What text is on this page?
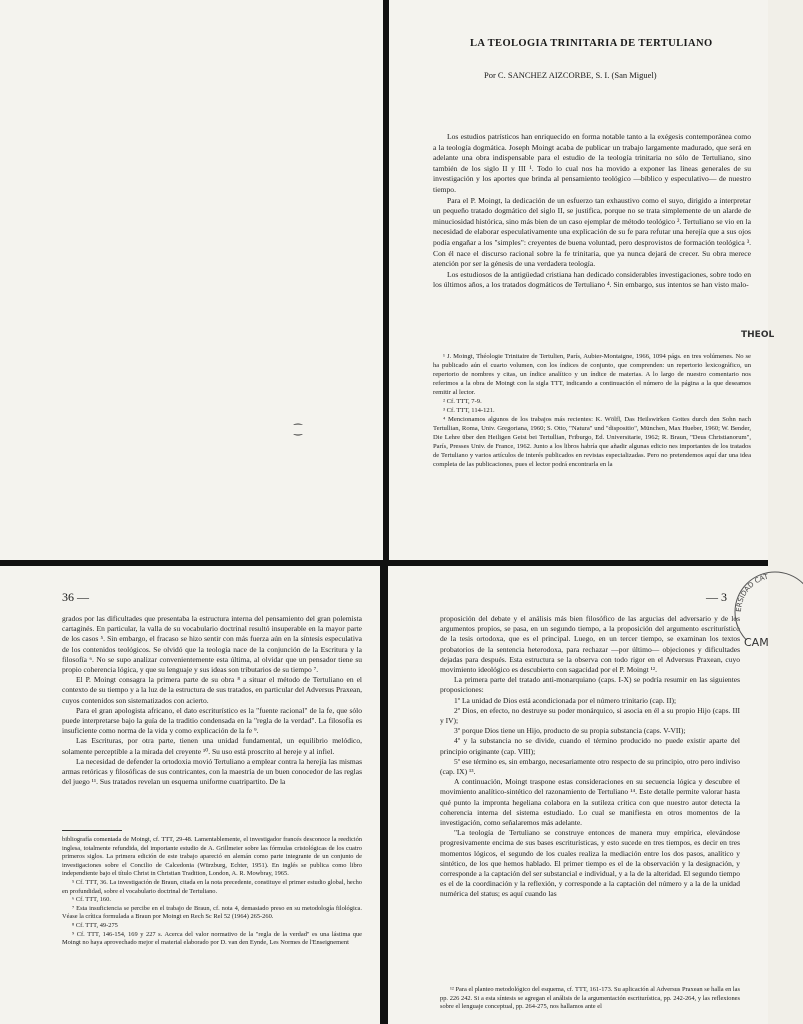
⁐
LA TEOLOGIA TRINITARIA DE TERTULIANO
Por C. SANCHEZ AIZCORBE, S. I. (San Miguel)

Los estudios patrísticos han enriquecido en forma notable tanto a la exégesis contemporánea como a la teología dogmática. Joseph Moingt acaba de publicar un trabajo largamente madurado, que será en adelante una obra indispensable para el estudio de la teología trinitaria no sólo de Tertuliano, sino también de los siglo II y III ¹. Todo lo cual nos ha movido a exponer las líneas generales de su investigación y los aportes que brinda al pensamiento teológico —bíblico y especulativo— de nuestro tiempo.

Para el P. Moingt, la dedicación de un esfuerzo tan exhaustivo como el suyo, dirigido a interpretar un pequeño tratado dogmático del siglo II, se justifica, porque no se trata simplemente de un alarde de minuciosidad histórica, sino más bien de un caso ejemplar de método teológico ². Tertuliano se vio en la necesidad de elaborar especulativamente una explicación de su fe para refutar una herejía que a sus ojos podía engañar a los "simples": creyentes de buena voluntad, pero desprovistos de formación teológica ³. Con él nace el discurso racional sobre la fe trinitaria, que ya nunca dejará de crecer. Su obra merece atención por ser la génesis de una verdadera teología.

Los estudiosos de la antigüedad cristiana han dedicado considerables investigaciones, sobre todo en los últimos años, a los tratados dogmáticos de Tertuliano ⁴. Sin embargo, sus intentos se han visto malo-

¹ J. Moingt, Théologie Trinitaire de Tertulien, París, Aubier-Montaigne, 1966, 1094 págs. en tres volúmenes. No se ha publicado aún el cuarto volumen, con los índices de conjunto, que comprenden: un repertorio lexicográfico, un repertorio de nombres y citas, un índice analítico y un índice de materias. A lo largo de nuestro comentario nos referimos a la obra de Moingt con la sigla TTT, indicando a continuación el número de la página a la que deseamos remitir al lector.

² Cf. TTT, 7-9.

³ Cf. TTT, 114-121.

⁴ Mencionamos algunos de los trabajos más recientes: K. Wölfl, Das Heilswirken Gottes durch den Sohn nach Tertullian, Roma, Univ. Gregoriana, 1960; S. Otto, "Natura" und "dispositio", München, Max Hueber, 1960; W. Bender, Die Lehre über den Heiligen Geist bei Tertullian, Friburgo, Ed. Universitarie, 1962; R. Braun, "Deus Christianorum", París, Presses Univ. de France, 1962. Junto a los libros habría que añadir algunas edicio nes importantes de los tratados de Tertuliano y varios artículos de interés publicados en revistas especializadas. Pero no pretendemos aquí dar una idea completa de las publicaciones, pues el lector podrá encontrarla en la

THEOL
36 —

grados por las dificultades que presentaba la estructura interna del pensamiento del gran polemista cartaginés. En particular, la valla de su vocabulario doctrinal resultó insuperable en la mayor parte de los casos ⁵. Sin embargo, el fracaso se hizo sentir con más fuerza aún en la síntesis especulativa de los contenidos teológicos. Se olvidó que la teología nace de la conjunción de la Escritura y la filosofía ⁶. No se supo analizar convenientemente esta última, al olvidar que un pensador tiene su propio coherencia lógica, y que su lenguaje y sus ideas son tributarios de su tiempo ⁷.

El P. Moingt consagra la primera parte de su obra ⁸ a situar el método de Tertuliano en el contexto de su tiempo y a la luz de la estructura de sus tratados, en particular del Adversus Praxean, cuyos contenidos son sistematizados con acierto.

Para el gran apologista africano, el dato escriturístico es la "fuente racional" de la fe, que sólo puede interpretarse bajo la guía de la traditio condensada en la "regla de la verdad". La filosofía es insuficiente como norma de la vida y como explicación de la fe ⁹.

Las Escrituras, por otra parte, tienen una unidad fundamental, un equilibrio melódico, solamente perceptible a la mirada del creyente ¹⁰. Su uso está proscrito al hereje y al infiel.

La necesidad de defender la ortodoxia movió Tertuliano a emplear contra la herejía las mismas armas retóricas y filosóficas de sus contricantes, con la maestría de un buen conocedor de las reglas del juego ¹¹. Sus tratados revelan un esquema uniforme cuatripartito. De la

bibliografía comentada de Moingt, cf. TTT, 29-48. Lamentablemente, el investigador francés desconoce la reedición inglesa, totalmente refundida, del importante estudio de A. Grillmeier sobre las fórmulas cristológicas de los cuatro primeros siglos. La primera edición de este trabajo apareció en alemán como parte integrante de un conjunto de investigaciones sobre el Concilio de Calcedonia (Würzburg, Echter, 1951). En inglés se publica como libro independiente bajo el título Christ in Christian Tradition, London, A. R. Mowbray, 1965.

⁵ Cf. TTT, 36. La investigación de Braun, citada en la nota precedente, constituye el primer estudio global, hecho en profundidad, sobre el vocabulario doctrinal de Tertuliano.

⁶ Cf. TTT, 160.

⁷ Esta insuficiencia se percibe en el trabajo de Braun, cf. nota 4, demasiado preso en su metodología filológica. Véase la crítica formulada a Braun por Moingt en Rech Sc Rel 52 (1964) 265-260.

⁸ Cf. TTT, 49-275

⁹ Cf. TTT, 146-154, 169 y 227 s. Acerca del valor normativo de la "regla de la verdad" es una lástima que Moingt no haya aprovechado mejor el material elaborado por D. van den Eynde, Les Normes de l'Enseignement

— 3

proposición del debate y el análisis más bien filosófico de las argucias del adversario y de los argumentos propios, se pasa, en un segundo tiempo, a la proposición del argumento escriturístico de la tesis ortodoxa, que es el principal. Luego, en un tercer tiempo, se examinan los textos probatorios de la sentencia heterodoxa, para rechazar —por último— objeciones y dificultades dejadas para después. Esta estructura se la observa con todo rigor en el Adversus Praxean, cuyo movimiento ideológico es descubierto con sagacidad por el P. Moingt ¹².

La primera parte del tratado anti-monarquiano (caps. I-X) se podría resumir en las siguientes proposiciones:

1º La unidad de Dios está acondicionada por el número trinitario (cap. II);

2º Dios, en efecto, no destruye su poder monárquico, si asocia en él a su propio Hijo (caps. III y IV);

3º porque Dios tiene un Hijo, producto de su propia substancia (caps. V-VII);

4º y la substancia no se divide, cuando el término producido no puede existir aparte del principio originante (cap. VIII);

5º ese término es, sin embargo, necesariamente otro respecto de su principio, otro pero indiviso (cap. IX) ¹³.

A continuación, Moingt traspone estas consideraciones en su secuencia lógica y descubre el movimiento analítico-sintético del razonamiento de Tertuliano ¹⁴. Este detalle permite valorar hasta qué punto la impronta hegeliana colabora en la sutileza crítica con que nuestro autor detecta la coherencia interna del sistema estudiado. Lo cual se manifiesta en otros momentos de la investigación, como señalaremos más adelante.

"La teología de Tertuliano se construye entonces de manera muy empírica, elevándose progresivamente encima de sus bases escriturísticas, y esto sucede en tres tiempos, es decir en tres momentos lógicos, el segundo de los cuales realiza la mediación entre los dos pasos, analítico y sintético, de los que hemos hablado. El primer tiempo es el de la observación y la designación, y corresponde a la captación del ser substancial e individual, y a la de la alteridad. El segundo tiempo es el de la coordinación y la reflexión, y corresponde a la captación del número y a la de la unidad numérica del status; es aquí cuando las

¹² Para el planteo metodológico del esquema, cf. TTT, 161-173. Su aplicación al Adversus Praxean se halla en las pp. 226 242. Si a esta síntesis se agregan el análisis de la argumentación escriturística, pp. 242-264, y las reflexiones sobre el lenguaje conceptual, pp. 264-275, nos hallamos ante el

ERSIDAD CAT
CAM
